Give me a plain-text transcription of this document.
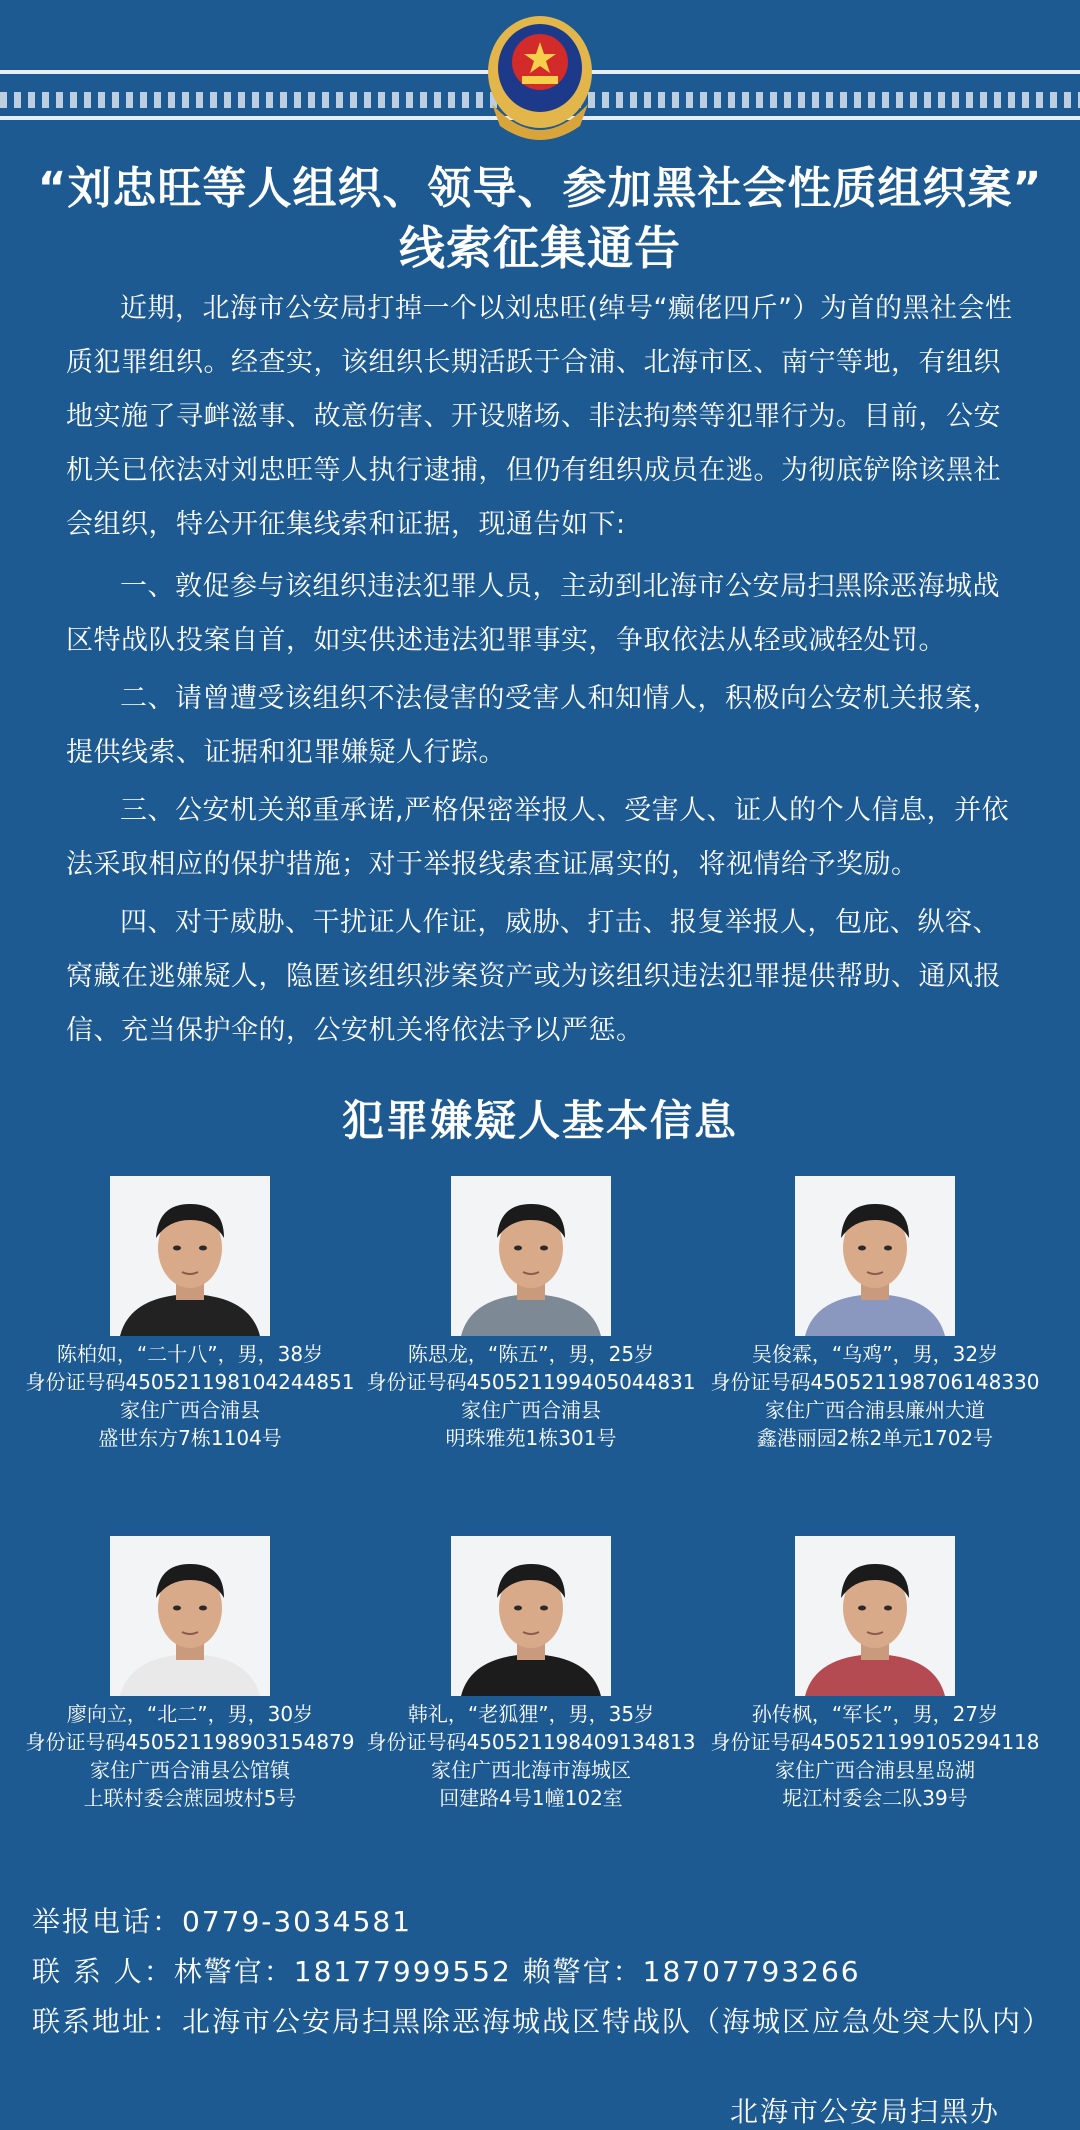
“刘忠旺等人组织、领导、参加黑社会性质组织案”
线索征集通告
近期，北海市公安局打掉一个以刘忠旺(绰号“癫佬四斤”）为首的黑社会性质犯罪组织。经查实，该组织长期活跃于合浦、北海市区、南宁等地，有组织地实施了寻衅滋事、故意伤害、开设赌场、非法拘禁等犯罪行为。目前，公安机关已依法对刘忠旺等人执行逮捕，但仍有组织成员在逃。为彻底铲除该黑社会组织，特公开征集线索和证据，现通告如下:
一、敦促参与该组织违法犯罪人员，主动到北海市公安局扫黑除恶海城战区特战队投案自首，如实供述违法犯罪事实，争取依法从轻或减轻处罚。
二、请曾遭受该组织不法侵害的受害人和知情人，积极向公安机关报案，提供线索、证据和犯罪嫌疑人行踪。
三、公安机关郑重承诺,严格保密举报人、受害人、证人的个人信息，并依法采取相应的保护措施；对于举报线索查证属实的，将视情给予奖励。
四、对于威胁、干扰证人作证，威胁、打击、报复举报人，包庇、纵容、窝藏在逃嫌疑人，隐匿该组织涉案资产或为该组织违法犯罪提供帮助、通风报信、充当保护伞的，公安机关将依法予以严惩。
犯罪嫌疑人基本信息
陈柏如，“二十八”，男，38岁
身份证号码450521198104244851
家住广西合浦县
盛世东方7栋1104号
陈思龙，“陈五”，男，25岁
身份证号码450521199405044831
家住广西合浦县
明珠雅苑1栋301号
吴俊霖，“乌鸡”，男，32岁
身份证号码450521198706148330
家住广西合浦县廉州大道
鑫港丽园2栋2单元1702号
廖向立，“北二”，男，30岁
身份证号码450521198903154879
家住广西合浦县公馆镇
上联村委会蔗园坡村5号
韩礼，“老狐狸”，男，35岁
身份证号码450521198409134813
家住广西北海市海城区
回建路4号1幢102室
孙传枫，“军长”，男，27岁
身份证号码450521199105294118
家住广西合浦县星岛湖
坭江村委会二队39号
举报电话：0779-3034581
联 系 人：林警官：18177999552 赖警官：18707793266
联系地址：北海市公安局扫黑除恶海城战区特战队（海城区应急处突大队内）
北海市公安局扫黑办
